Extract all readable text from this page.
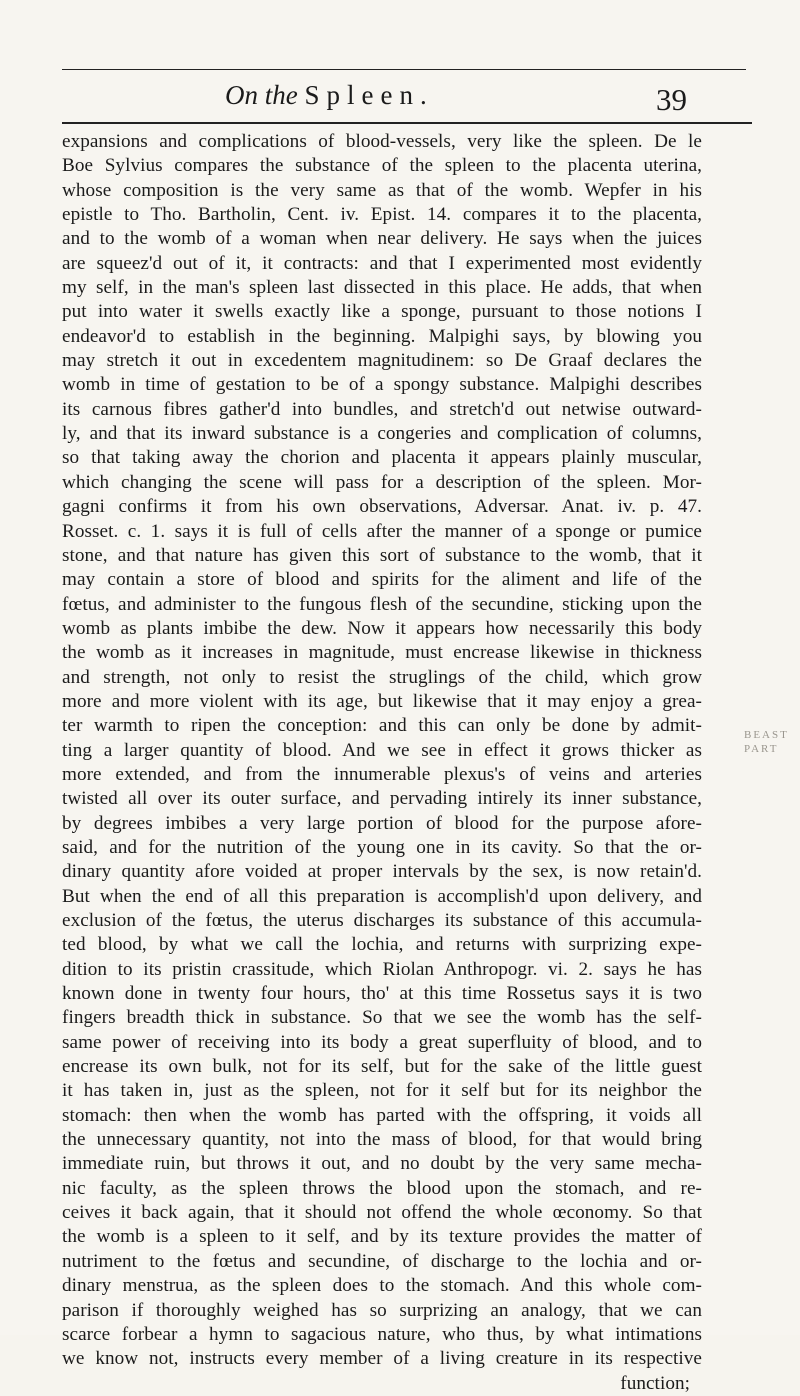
On the Spleen.	39
expansions and complications of blood-vessels, very like the spleen. De le
Boe Sylvius compares the substance of the spleen to the placenta uterina,
whose composition is the very same as that of the womb. Wepfer in his
epistle to Tho. Bartholin, Cent. iv. Epist. 14. compares it to the placenta,
and to the womb of a woman when near delivery. He says when the juices
are squeez'd out of it, it contracts: and that I experimented most evidently
my self, in the man's spleen last dissected in this place. He adds, that when
put into water it swells exactly like a sponge, pursuant to those notions I
endeavor'd to establish in the beginning. Malpighi says, by blowing you
may stretch it out in excedentem magnitudinem: so De Graaf declares the
womb in time of gestation to be of a spongy substance. Malpighi describes
its carnous fibres gather'd into bundles, and stretch'd out netwise outward-
ly, and that its inward substance is a congeries and complication of columns,
so that taking away the chorion and placenta it appears plainly muscular,
which changing the scene will pass for a description of the spleen. Mor-
gagni confirms it from his own observations, Adversar. Anat. iv. p. 47.
Rosset. c. 1. says it is full of cells after the manner of a sponge or pumice
stone, and that nature has given this sort of substance to the womb, that it
may contain a store of blood and spirits for the aliment and life of the
fœtus, and administer to the fungous flesh of the secundine, sticking upon the
womb as plants imbibe the dew. Now it appears how necessarily this body
the womb as it increases in magnitude, must encrease likewise in thickness
and strength, not only to resist the struglings of the child, which grow
more and more violent with its age, but likewise that it may enjoy a grea-
ter warmth to ripen the conception: and this can only be done by admit-
ting a larger quantity of blood. And we see in effect it grows thicker as
more extended, and from the innumerable plexus's of veins and arteries
twisted all over its outer surface, and pervading intirely its inner substance,
by degrees imbibes a very large portion of blood for the purpose afore-
said, and for the nutrition of the young one in its cavity. So that the or-
dinary quantity afore voided at proper intervals by the sex, is now retain'd.
But when the end of all this preparation is accomplish'd upon delivery, and
exclusion of the fœtus, the uterus discharges its substance of this accumula-
ted blood, by what we call the lochia, and returns with surprizing expe-
dition to its pristin crassitude, which Riolan Anthropogr. vi. 2. says he has
known done in twenty four hours, tho' at this time Rossetus says it is two
fingers breadth thick in substance. So that we see the womb has the self-
same power of receiving into its body a great superfluity of blood, and to
encrease its own bulk, not for its self, but for the sake of the little guest
it has taken in, just as the spleen, not for it self but for its neighbor the
stomach: then when the womb has parted with the offspring, it voids all
the unnecessary quantity, not into the mass of blood, for that would bring
immediate ruin, but throws it out, and no doubt by the very same mecha-
nic faculty, as the spleen throws the blood upon the stomach, and re-
ceives it back again, that it should not offend the whole œconomy. So that
the womb is a spleen to it self, and by its texture provides the matter of
nutriment to the fœtus and secundine, of discharge to the lochia and or-
dinary menstrua, as the spleen does to the stomach. And this whole com-
parison if thoroughly weighed has so surprizing an analogy, that we can
scarce forbear a hymn to sagacious nature, who thus, by what intimations
we know not, instructs every member of a living creature in its respective
function;
BEAST
PART
